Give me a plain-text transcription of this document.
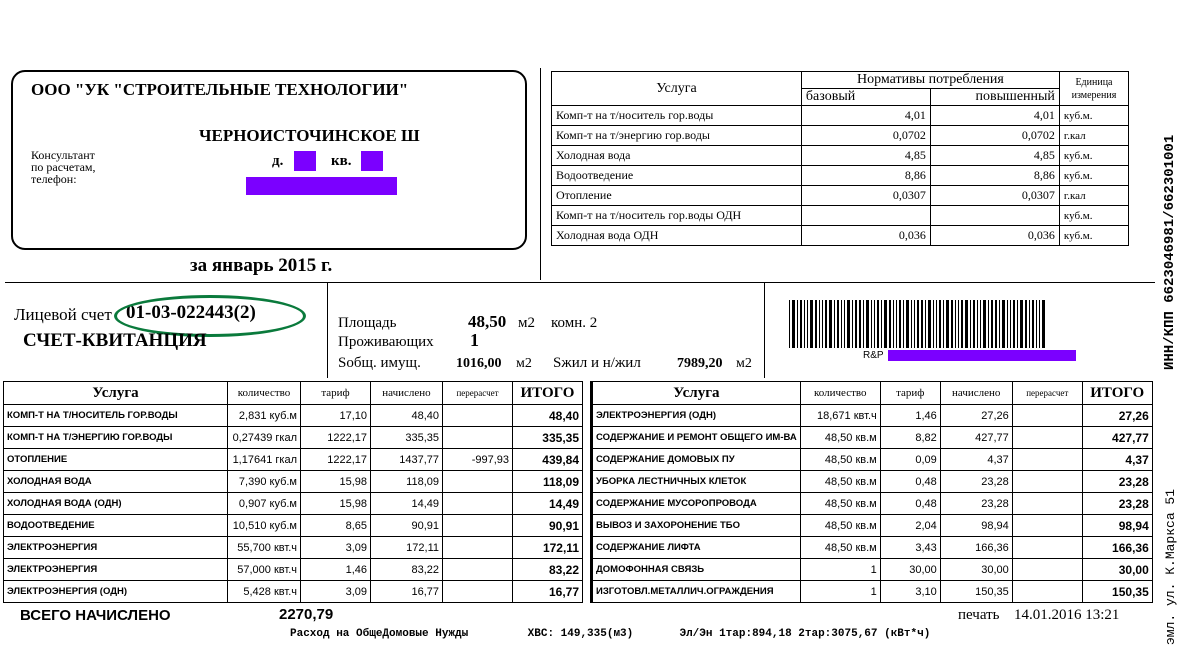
ООО "УК "СТРОИТЕЛЬНЫЕ ТЕХНОЛОГИИ"
ЧЕРНОИСТОЧИНСКОЕ Ш
д.	кв.
Консультант
по расчетам,
телефон:
за январь 2015 г.
Услуга	Нормативы потребления		Единица
измерения
	базовый	повышенный	
Комп-т на т/носитель гор.воды	4,01	4,01	куб.м.
Комп-т на т/энергию гор.воды	0,0702	0,0702	г.кал
Холодная вода	4,85	4,85	куб.м.
Водоотведение	8,86	8,86	куб.м.
Отопление	0,0307	0,0307	г.кал
Комп-т на т/носитель гор.воды ОДН			куб.м.
Холодная вода ОДН	0,036	0,036	куб.м.
Лицевой счет 01-03-022443(2)
СЧЕТ-КВИТАНЦИЯ
Площадь	48,50 м2 комн. 2
Проживающих 1
Sобщ. имущ.	1016,00 м2 Sжил и н/жил	7989,20 м2
R&P	ИНН/КПП 6623046981/662301001
эмл. ул. К.Маркса 51
Услуга	количество	тариф	начислено	перерасчет	ИТОГО
КОМП-Т НА Т/НОСИТЕЛЬ ГОР.ВОДЫ	2,831 куб.м	17,10	48,40		48,40
КОМП-Т НА Т/ЭНЕРГИЮ ГОР.ВОДЫ	0,27439 гкал	1222,17	335,35		335,35
ОТОПЛЕНИЕ	1,17641 гкал	1222,17	1437,77	-997,93	439,84
ХОЛОДНАЯ ВОДА	7,390 куб.м	15,98	118,09		118,09
ХОЛОДНАЯ ВОДА (ОДН)	0,907 куб.м	15,98	14,49		14,49
ВОДООТВЕДЕНИЕ	10,510 куб.м	8,65	90,91		90,91
ЭЛЕКТРОЭНЕРГИЯ	55,700 квт.ч	3,09	172,11		172,11
ЭЛЕКТРОЭНЕРГИЯ	57,000 квт.ч	1,46	83,22		83,22
ЭЛЕКТРОЭНЕРГИЯ (ОДН)	5,428 квт.ч	3,09	16,77		16,77
Услуга	количество	тариф	начислено	перерасчет	ИТОГО
ЭЛЕКТРОЭНЕРГИЯ (ОДН)	18,671 квт.ч	1,46	27,26		27,26
СОДЕРЖАНИЕ И РЕМОНТ ОБЩЕГО ИМ-ВА	48,50 кв.м	8,82	427,77		427,77
СОДЕРЖАНИЕ ДОМОВЫХ ПУ	48,50 кв.м	0,09	4,37		4,37
УБОРКА ЛЕСТНИЧНЫХ КЛЕТОК	48,50 кв.м	0,48	23,28		23,28
СОДЕРЖАНИЕ МУСОРОПРОВОДА	48,50 кв.м	0,48	23,28		23,28
ВЫВОЗ И ЗАХОРОНЕНИЕ ТБО	48,50 кв.м	2,04	98,94		98,94
СОДЕРЖАНИЕ ЛИФТА	48,50 кв.м	3,43	166,36		166,36
ДОМОФОННАЯ СВЯЗЬ	1	30,00	30,00		30,00
ИЗГОТОВЛ.МЕТАЛЛИЧ.ОГРАЖДЕНИЯ	1	3,10	150,35		150,35
ВСЕГО НАЧИСЛЕНО	2270,79	печать 14.01.2016 13:21
Расход на ОбщеДомовые Нужды         ХВС: 149,335(м3)       Эл/Эн 1тар:894,18 2тар:3075,67 (кВт*ч)
